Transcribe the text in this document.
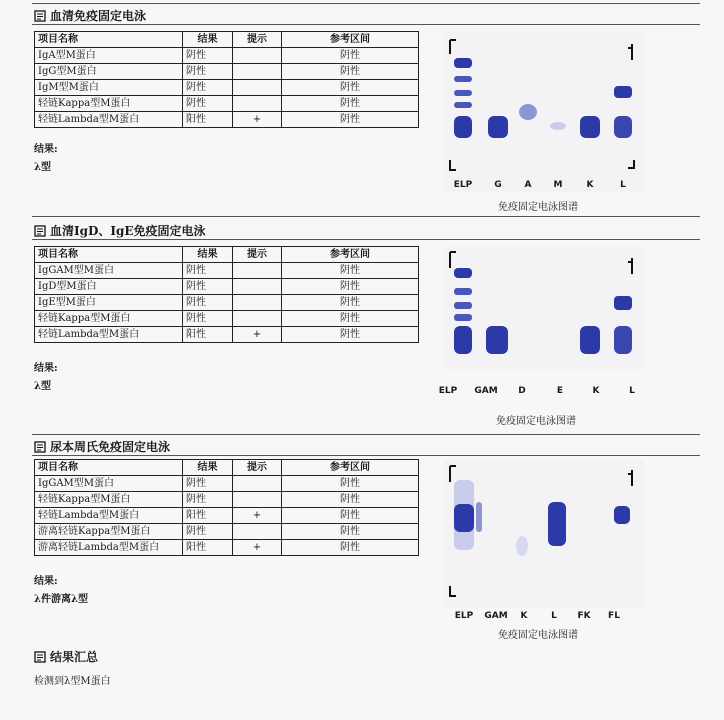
血清免疫固定电泳
项目名称	结果	提示	参考区间
IgA型M蛋白	阴性		阴性
IgG型M蛋白	阴性		阴性
IgM型M蛋白	阴性		阴性
轻链Kappa型M蛋白	阴性		阴性
轻链Lambda型M蛋白	阳性	+	阴性
结果:
λ型
ELP G	A M	K	L
免疫固定电泳图谱
血清IgD、IgE免疫固定电泳
项目名称	结果	提示	参考区间
IgGAM型M蛋白	阴性		阴性
IgD型M蛋白	阴性		阴性
IgE型M蛋白	阴性		阴性
轻链Kappa型M蛋白	阴性		阴性
轻链Lambda型M蛋白	阳性	+	阴性
结果:
λ型	ELP GAM D	E	K	L
免疫固定电泳图谱
尿本周氏免疫固定电泳
项目名称	结果	提示	参考区间
IgGAM型M蛋白	阴性		阴性
轻链Kappa型M蛋白	阴性		阴性
轻链Lambda型M蛋白	阳性	+	阴性
游离轻链Kappa型M蛋白	阴性		阴性
游离轻链Lambda型M蛋白	阳性	+	阴性
结果:
λ件游离λ型
ELP GAM K	L FK FL
免疫固定电泳图谱
结果汇总
检测到λ型M蛋白
